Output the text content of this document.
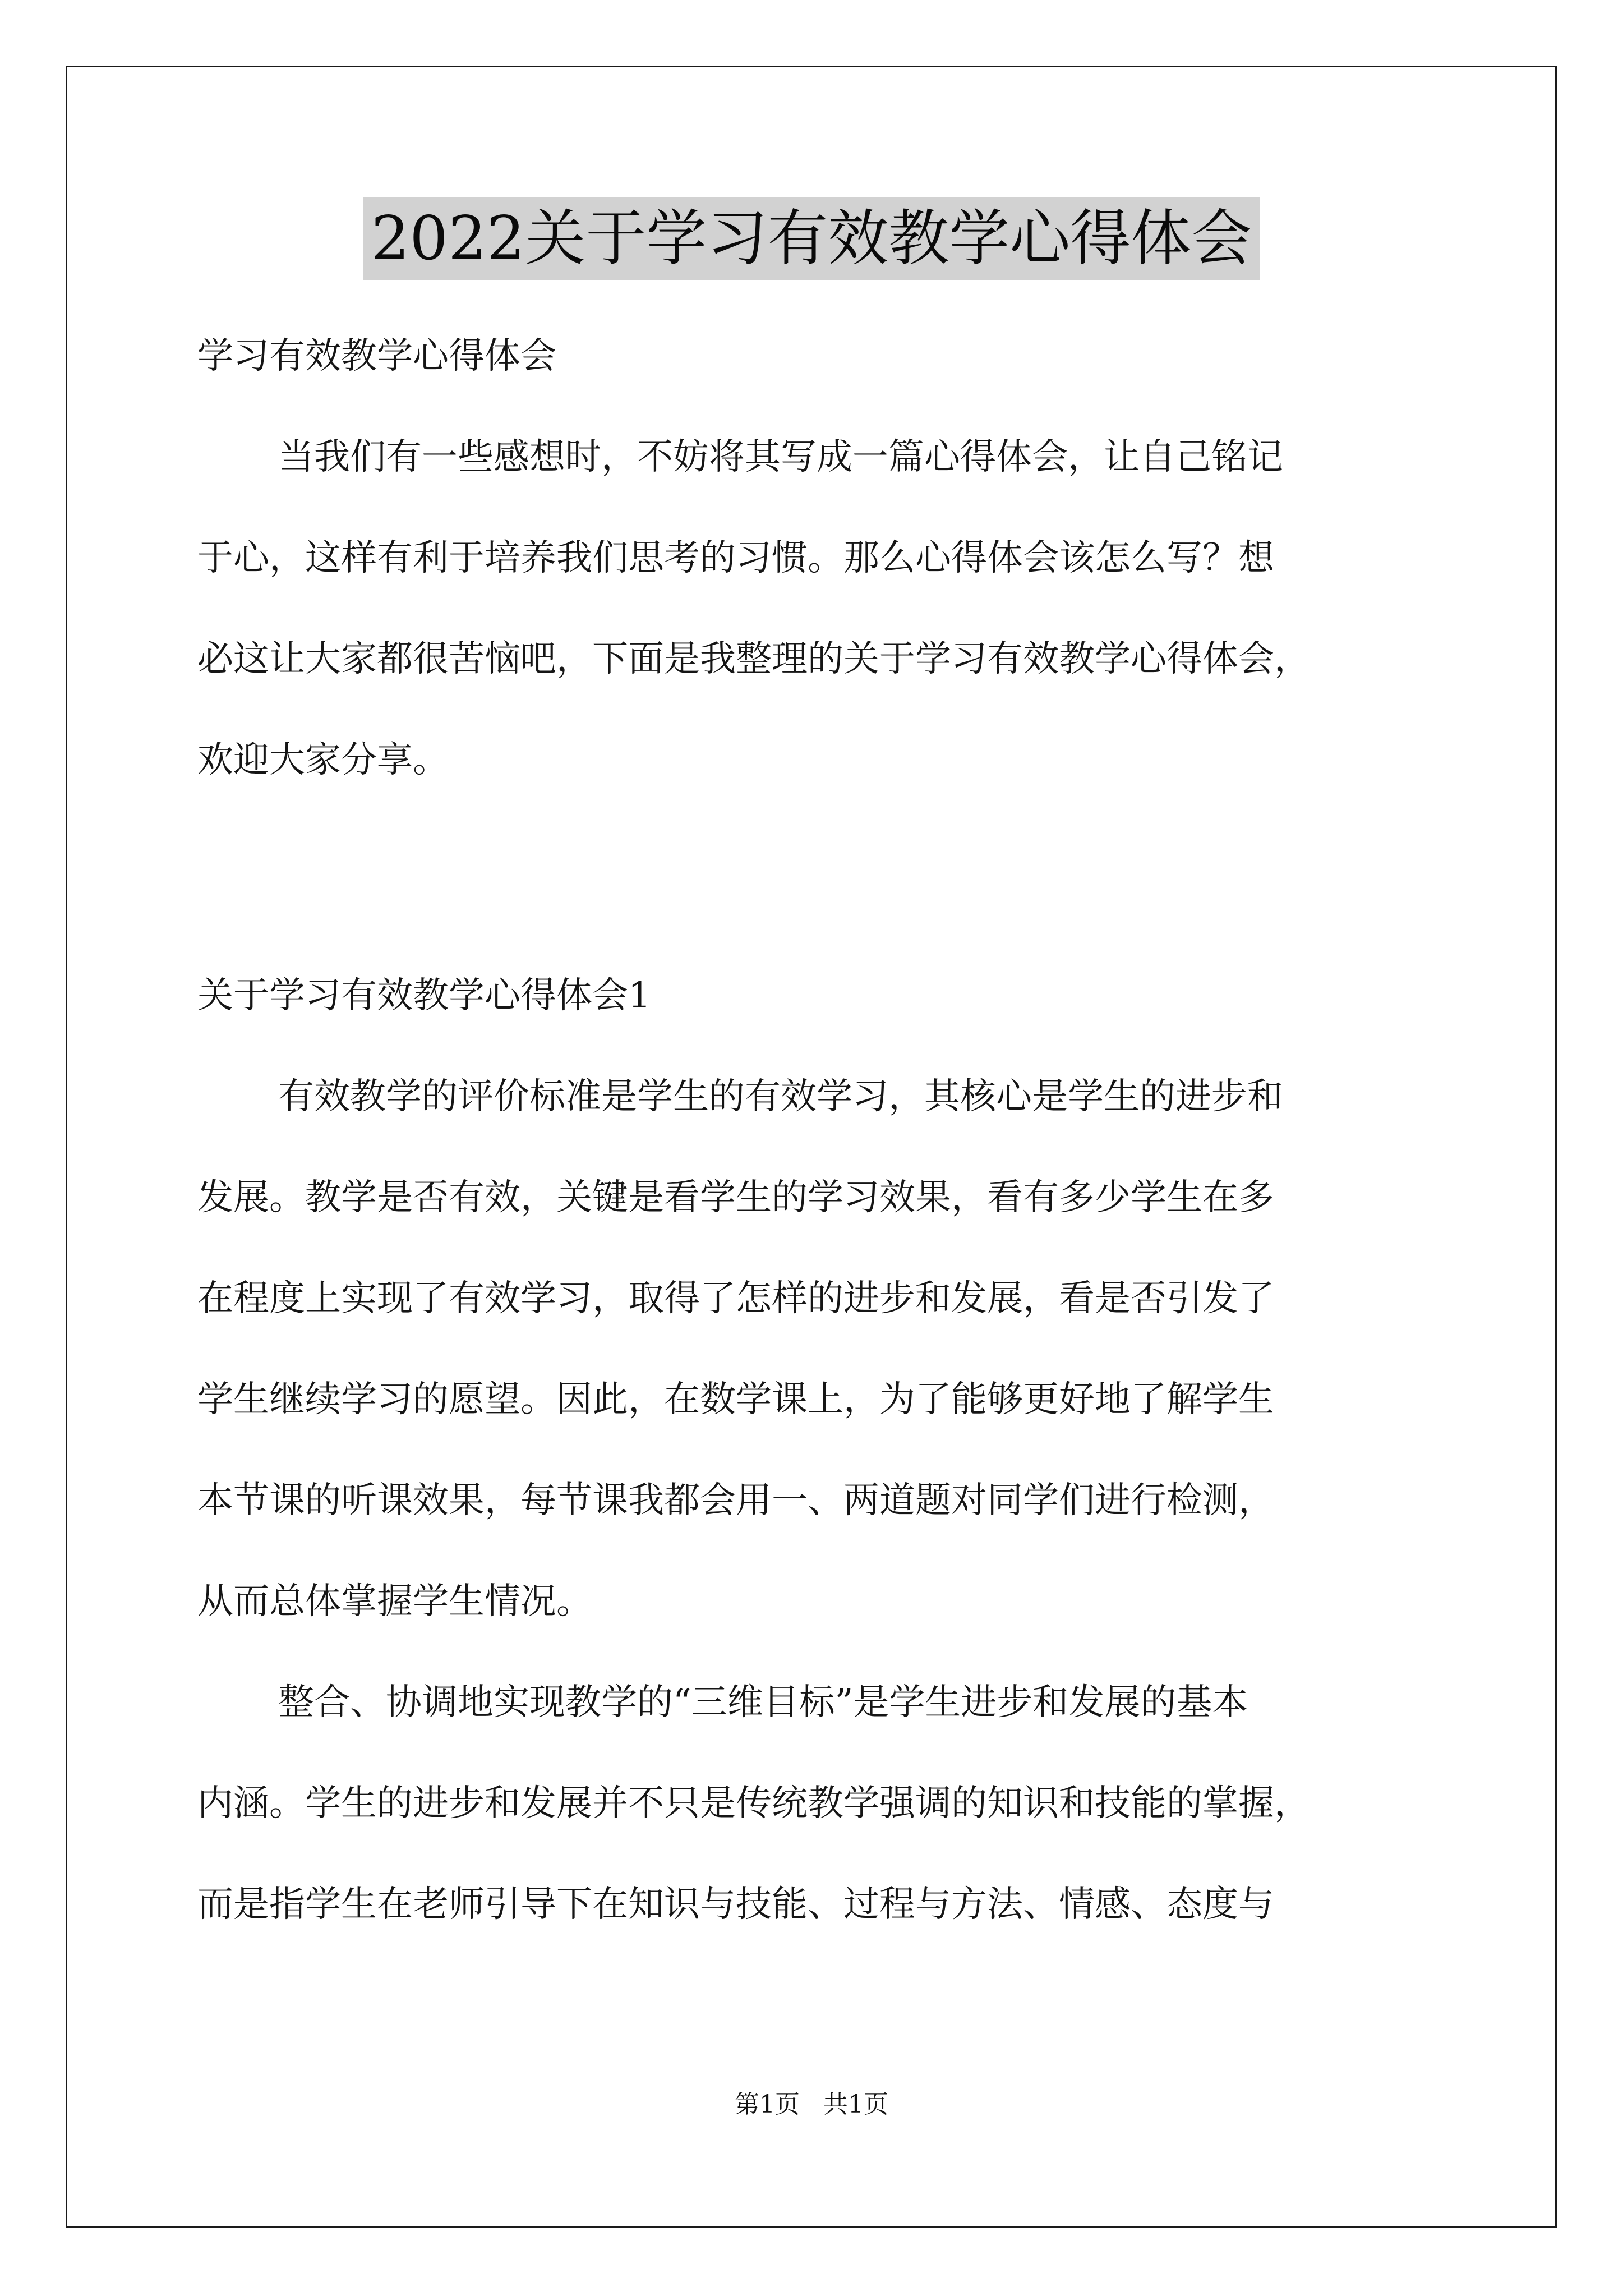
2022关于学习有效教学心得体会
学习有效教学心得体会
当我们有一些感想时，不妨将其写成一篇心得体会，让自己铭记
于心，这样有利于培养我们思考的习惯。那么心得体会该怎么写？想
必这让大家都很苦恼吧，下面是我整理的关于学习有效教学心得体会，
欢迎大家分享。
关于学习有效教学心得体会1
有效教学的评价标准是学生的有效学习，其核心是学生的进步和
发展。教学是否有效，关键是看学生的学习效果，看有多少学生在多
在程度上实现了有效学习，取得了怎样的进步和发展，看是否引发了
学生继续学习的愿望。因此，在数学课上，为了能够更好地了解学生
本节课的听课效果，每节课我都会用一、两道题对同学们进行检测，
从而总体掌握学生情况。
整合、协调地实现教学的“三维目标”是学生进步和发展的基本
内涵。学生的进步和发展并不只是传统教学强调的知识和技能的掌握，
而是指学生在老师引导下在知识与技能、过程与方法、情感、态度与
第1页 共1页
